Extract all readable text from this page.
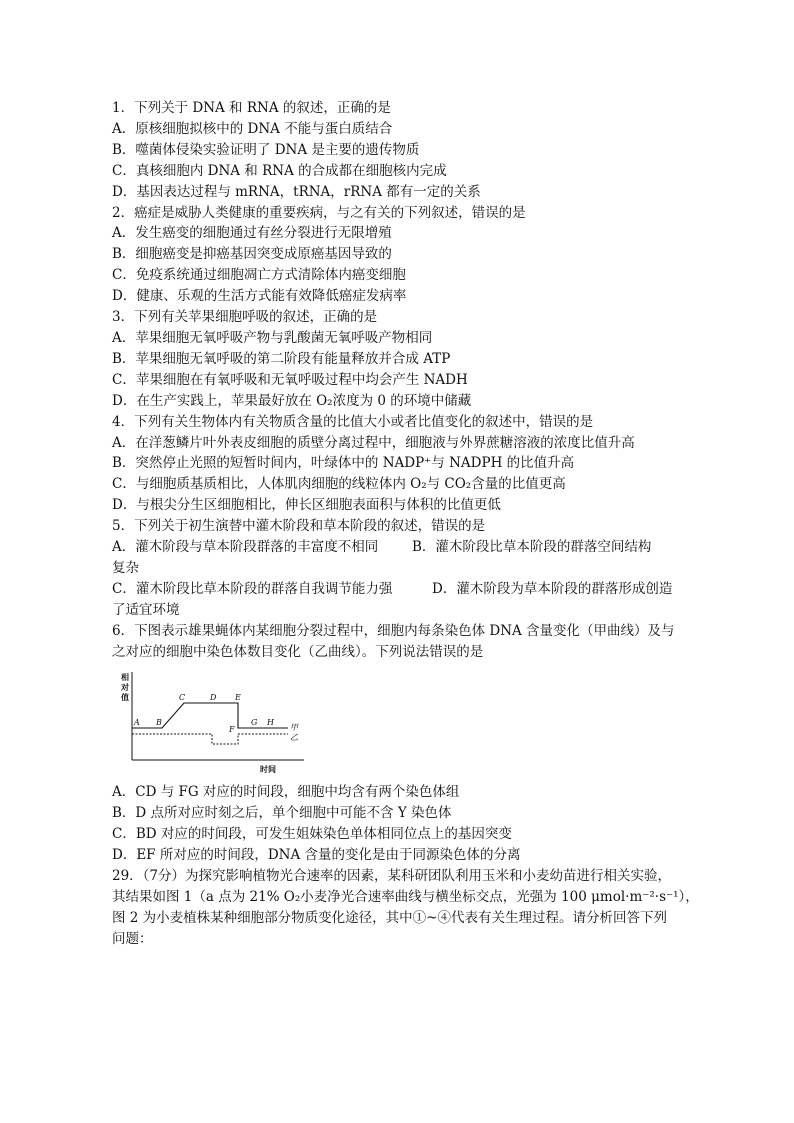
1．下列关于 DNA 和 RNA 的叙述，正确的是
A．原核细胞拟核中的 DNA 不能与蛋白质结合
B．噬菌体侵染实验证明了 DNA 是主要的遗传物质
C．真核细胞内 DNA 和 RNA 的合成都在细胞核内完成
D．基因表达过程与 mRNA，tRNA，rRNA 都有一定的关系
2．癌症是威胁人类健康的重要疾病，与之有关的下列叙述，错误的是
A．发生癌变的细胞通过有丝分裂进行无限增殖
B．细胞癌变是抑癌基因突变成原癌基因导致的
C．免疫系统通过细胞凋亡方式清除体内癌变细胞
D．健康、乐观的生活方式能有效降低癌症发病率
3．下列有关苹果细胞呼吸的叙述，正确的是
A．苹果细胞无氧呼吸产物与乳酸菌无氧呼吸产物相同
B．苹果细胞无氧呼吸的第二阶段有能量释放并合成 ATP
C．苹果细胞在有氧呼吸和无氧呼吸过程中均会产生 NADH
D．在生产实践上，苹果最好放在 O₂浓度为 0 的环境中储藏
4．下列有关生物体内有关物质含量的比值大小或者比值变化的叙述中，错误的是
A．在洋葱鳞片叶外表皮细胞的质壁分离过程中，细胞液与外界蔗糖溶液的浓度比值升高
B．突然停止光照的短暂时间内，叶绿体中的 NADP⁺与 NADPH 的比值升高
C．与细胞质基质相比，人体肌肉细胞的线粒体内 O₂与 CO₂含量的比值更高
D．与根尖分生区细胞相比，伸长区细胞表面积与体积的比值更低
5．下列关于初生演替中灌木阶段和草本阶段的叙述，错误的是
A．灌木阶段与草本阶段群落的丰富度不相同	B．灌木阶段比草本阶段的群落空间结构
复杂
C．灌木阶段比草本阶段的群落自我调节能力强	D．灌木阶段为草本阶段的群落形成创造
了适宜环境
6．下图表示雄果蝇体内某细胞分裂过程中，细胞内每条染色体 DNA 含量变化（甲曲线）及与
之对应的细胞中染色体数目变化（乙曲线）。下列说法错误的是
相
对
值
时间
A B
C	D E
F
G H
甲
乙
A．CD 与 FG 对应的时间段，细胞中均含有两个染色体组
B．D 点所对应时刻之后，单个细胞中可能不含 Y 染色体
C．BD 对应的时间段，可发生姐妹染色单体相同位点上的基因突变
D．EF 所对应的时间段，DNA 含量的变化是由于同源染色体的分离
29．（7分）为探究影响植物光合速率的因素，某科研团队利用玉米和小麦幼苗进行相关实验，
其结果如图 1（a 点为 21% O₂小麦净光合速率曲线与横坐标交点，光强为 100 μmol·m⁻²·s⁻¹），
图 2 为小麦植株某种细胞部分物质变化途径，其中①~④代表有关生理过程。请分析回答下列
问题：
